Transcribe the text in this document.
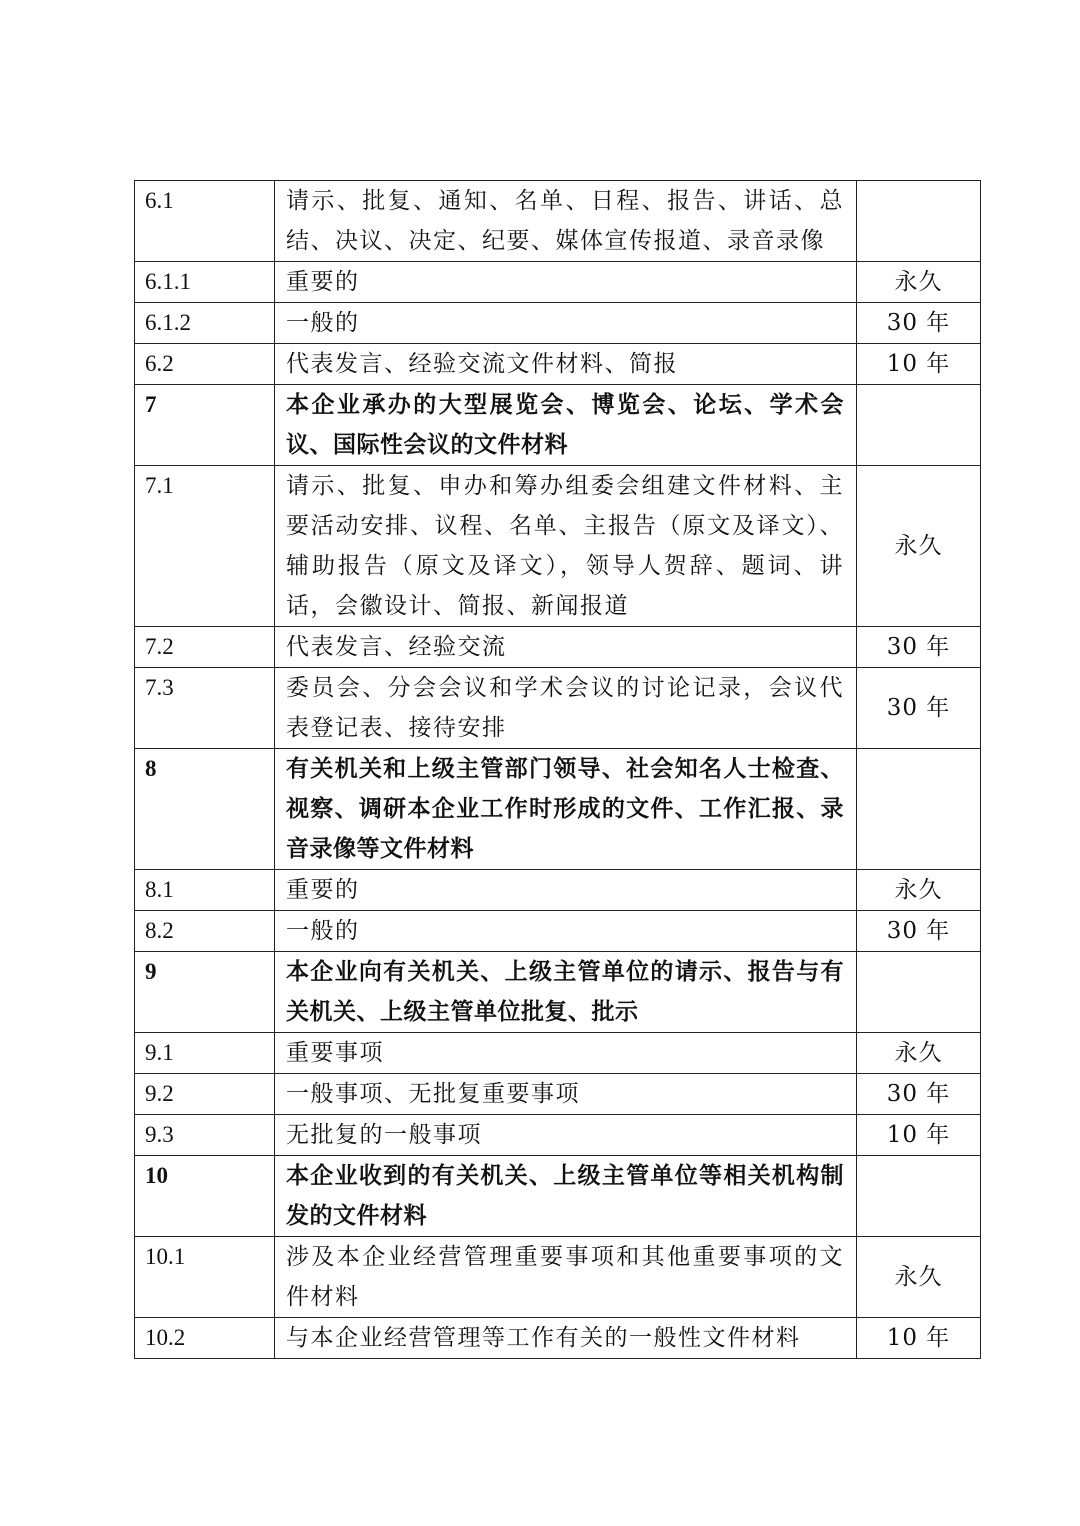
6.1	请示、批复、通知、名单、日程、报告、讲话、总结、决议、决定、纪要、媒体宣传报道、录音录像	
6.1.1	重要的	永久
6.1.2	一般的	30 年
6.2	代表发言、经验交流文件材料、简报	10 年
7	本企业承办的大型展览会、博览会、论坛、学术会议、国际性会议的文件材料	
7.1	请示、批复、申办和筹办组委会组建文件材料、主要活动安排、议程、名单、主报告（原文及译文）、辅助报告（原文及译文），领导人贺辞、题词、讲话，会徽设计、简报、新闻报道	永久
7.2	代表发言、经验交流	30 年
7.3	委员会、分会会议和学术会议的讨论记录，会议代表登记表、接待安排	30 年
8	有关机关和上级主管部门领导、社会知名人士检查、视察、调研本企业工作时形成的文件、工作汇报、录音录像等文件材料	
8.1	重要的	永久
8.2	一般的	30 年
9	本企业向有关机关、上级主管单位的请示、报告与有关机关、上级主管单位批复、批示	
9.1	重要事项	永久
9.2	一般事项、无批复重要事项	30 年
9.3	无批复的一般事项	10 年
10	本企业收到的有关机关、上级主管单位等相关机构制发的文件材料	
10.1	涉及本企业经营管理重要事项和其他重要事项的文件材料	永久
10.2	与本企业经营管理等工作有关的一般性文件材料	10 年
